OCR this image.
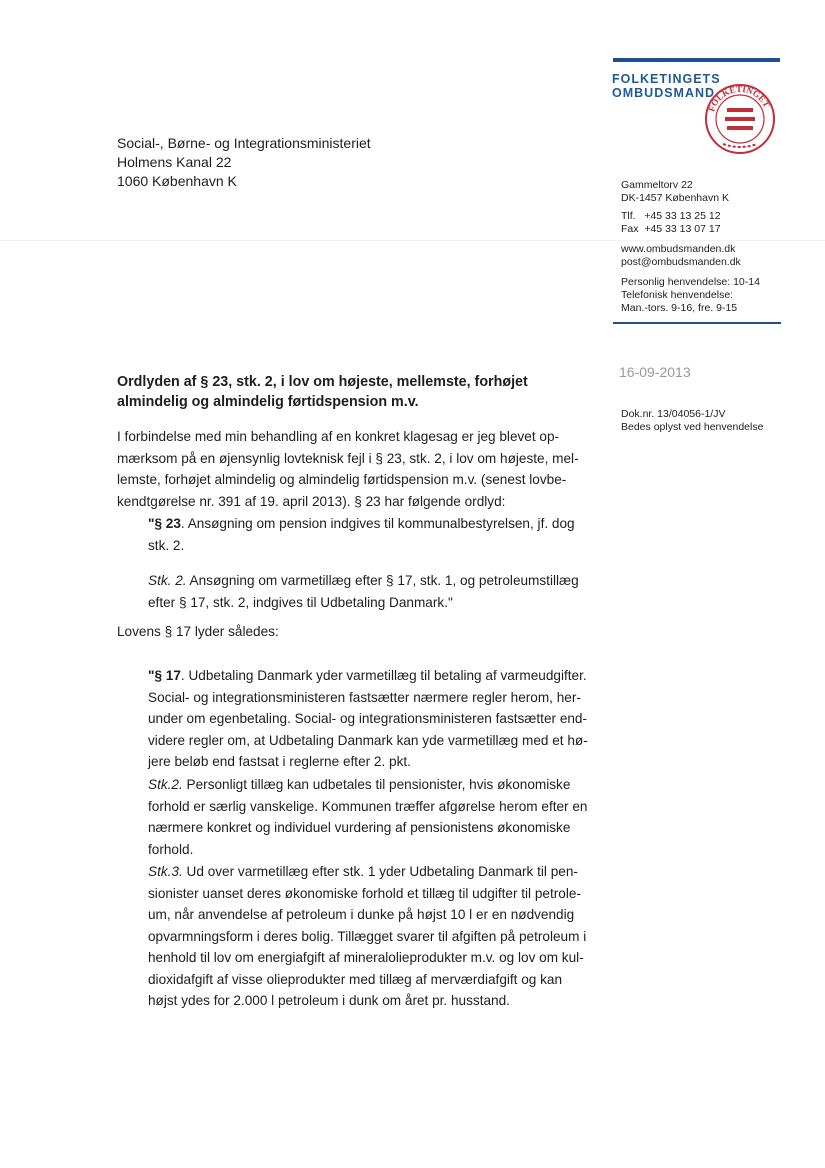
FOLKETINGETS
OMBUDSMAND
FOLKETINGET
Social-, Børne- og Integrationsministeriet
Holmens Kanal 22
1060 København K	Gammeltorv 22
DK-1457 København K
Tlf.   +45 33 13 25 12
Fax  +45 33 13 07 17
www.ombudsmanden.dk
post@ombudsmanden.dk
Personlig henvendelse: 10-14
Telefonisk henvendelse:
Man.-tors. 9-16, fre. 9-15
16-09-2013
Dok.nr. 13/04056-1/JV
Bedes oplyst ved henvendelse
Ordlyden af § 23, stk. 2, i lov om højeste, mellemste, forhøjet almindelig og almindelig førtidspension m.v.
I forbindelse med min behandling af en konkret klagesag er jeg blevet op-
mærksom på en øjensynlig lovteknisk fejl i § 23, stk. 2, i lov om højeste, mel-
lemste, forhøjet almindelig og almindelig førtidspension m.v. (senest lovbe-
kendtgørelse nr. 391 af 19. april 2013). § 23 har følgende ordlyd:
"§ 23. Ansøgning om pension indgives til kommunalbestyrelsen, jf. dog
stk. 2.
Stk. 2. Ansøgning om varmetillæg efter § 17, stk. 1, og petroleumstillæg
efter § 17, stk. 2, indgives til Udbetaling Danmark."
Lovens § 17 lyder således:
"§ 17. Udbetaling Danmark yder varmetillæg til betaling af varmeudgifter.
Social- og integrationsministeren fastsætter nærmere regler herom, her-
under om egenbetaling. Social- og integrationsministeren fastsætter end-
videre regler om, at Udbetaling Danmark kan yde varmetillæg med et hø-
jere beløb end fastsat i reglerne efter 2. pkt.
Stk.2. Personligt tillæg kan udbetales til pensionister, hvis økonomiske
forhold er særlig vanskelige. Kommunen træffer afgørelse herom efter en
nærmere konkret og individuel vurdering af pensionistens økonomiske
forhold.
Stk.3. Ud over varmetillæg efter stk. 1 yder Udbetaling Danmark til pen-
sionister uanset deres økonomiske forhold et tillæg til udgifter til petrole-
um, når anvendelse af petroleum i dunke på højst 10 l er en nødvendig
opvarmningsform i deres bolig. Tillægget svarer til afgiften på petroleum i
henhold til lov om energiafgift af mineralolieprodukter m.v. og lov om kul-
dioxidafgift af visse olieprodukter med tillæg af merværdiafgift og kan
højst ydes for 2.000 l petroleum i dunk om året pr. husstand.
